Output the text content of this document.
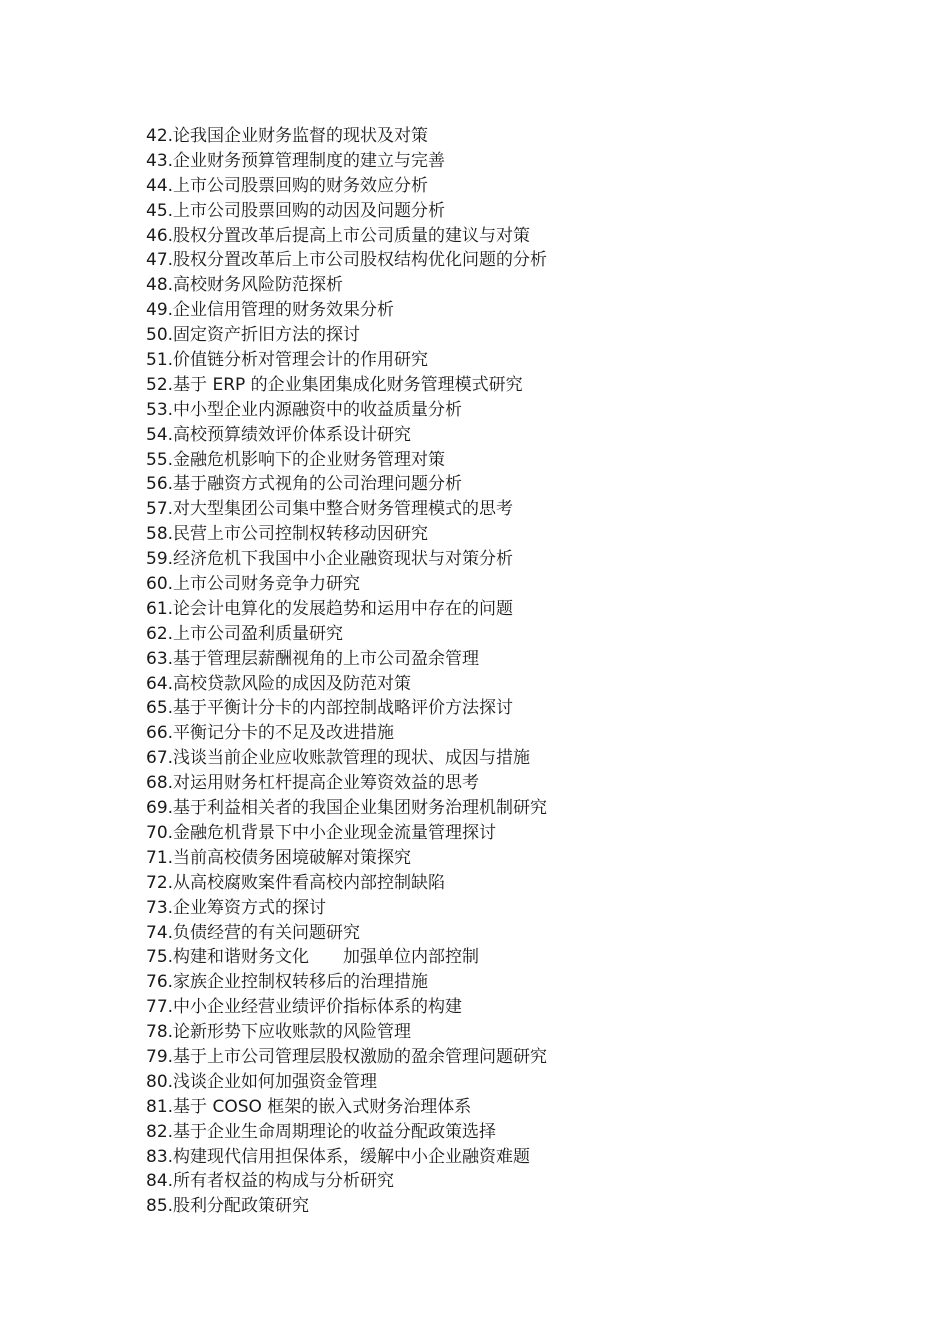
42. 论我国企业财务监督的现状及对策
43. 企业财务预算管理制度的建立与完善
44. 上市公司股票回购的财务效应分析
45. 上市公司股票回购的动因及问题分析
46. 股权分置改革后提高上市公司质量的建议与对策
47. 股权分置改革后上市公司股权结构优化问题的分析
48. 高校财务风险防范探析
49. 企业信用管理的财务效果分析
50. 固定资产折旧方法的探讨
51. 价值链分析对管理会计的作用研究
52. 基于 ERP 的企业集团集成化财务管理模式研究
53. 中小型企业内源融资中的收益质量分析
54. 高校预算绩效评价体系设计研究
55. 金融危机影响下的企业财务管理对策
56. 基于融资方式视角的公司治理问题分析
57. 对大型集团公司集中整合财务管理模式的思考
58. 民营上市公司控制权转移动因研究
59. 经济危机下我国中小企业融资现状与对策分析
60. 上市公司财务竞争力研究
61. 论会计电算化的发展趋势和运用中存在的问题
62. 上市公司盈利质量研究
63. 基于管理层薪酬视角的上市公司盈余管理
64. 高校贷款风险的成因及防范对策
65. 基于平衡计分卡的内部控制战略评价方法探讨
66. 平衡记分卡的不足及改进措施
67. 浅谈当前企业应收账款管理的现状、成因与措施
68. 对运用财务杠杆提高企业筹资效益的思考
69. 基于利益相关者的我国企业集团财务治理机制研究
70. 金融危机背景下中小企业现金流量管理探讨
71. 当前高校债务困境破解对策探究
72. 从高校腐败案件看高校内部控制缺陷
73. 企业筹资方式的探讨
74. 负债经营的有关问题研究
75. 构建和谐财务文化　　加强单位内部控制
76. 家族企业控制权转移后的治理措施
77. 中小企业经营业绩评价指标体系的构建
78. 论新形势下应收账款的风险管理
79. 基于上市公司管理层股权激励的盈余管理问题研究
80. 浅谈企业如何加强资金管理
81. 基于 COSO 框架的嵌入式财务治理体系
82. 基于企业生命周期理论的收益分配政策选择
83. 构建现代信用担保体系，缓解中小企业融资难题
84. 所有者权益的构成与分析研究
85. 股利分配政策研究
